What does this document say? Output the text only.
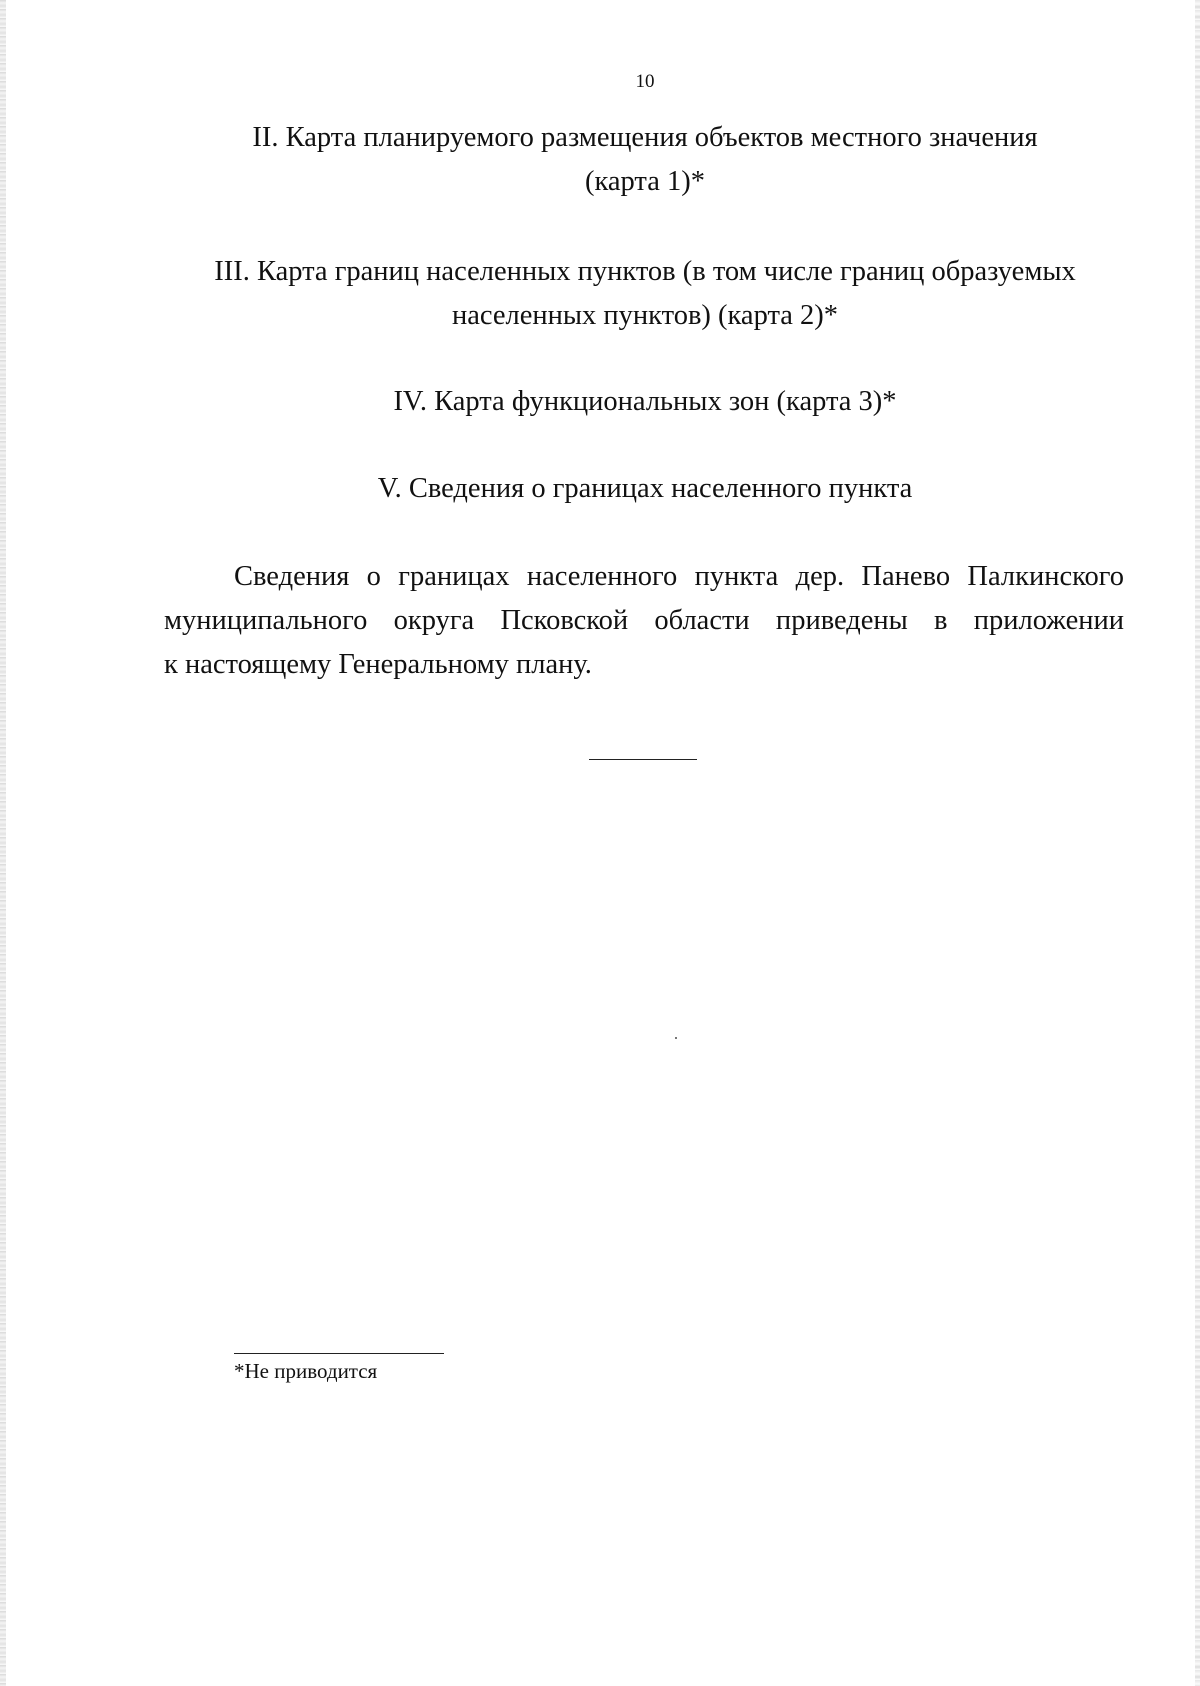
10
II. Карта планируемого размещения объектов местного значения
(карта 1)*
III. Карта границ населенных пунктов (в том числе границ образуемых
населенных пунктов) (карта 2)*
IV. Карта функциональных зон (карта 3)*
V. Сведения о границах населенного пункта
Сведения о границах населенного пункта дер. Панево Палкинского
муниципального округа Псковской области приведены в приложении
к настоящему Генеральному плану.
*Не приводится
